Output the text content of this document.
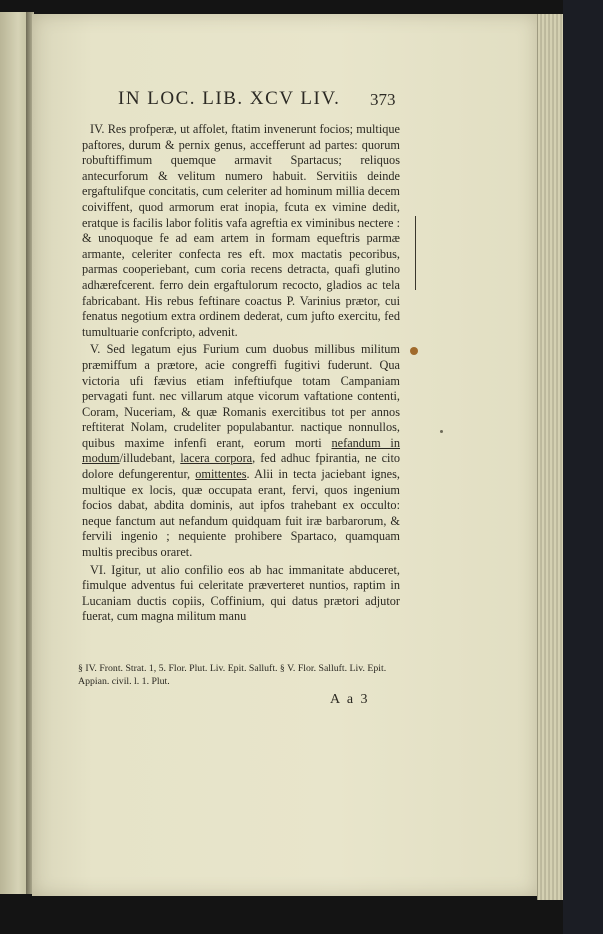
IN LOC. LIB. XCV LIV.	373

IV. Res profperæ, ut affolet, ftatim invenerunt focios; multique paftores, durum & pernix genus, accefferunt ad partes: quorum robuftiffimum quemque armavit Spartacus; reliquos antecurforum & velitum numero habuit. Servitiis deinde ergaftulifque concitatis, cum celeriter ad hominum millia decem coiviffent, quod armorum erat inopia, fcuta ex vimine dedit, eratque is facilis labor folitis vafa agreftia ex viminibus nectere : & unoquoque fe ad eam artem in formam equeftris parmæ armante, celeriter confecta res eft. mox mactatis pecoribus, parmas cooperiebant, cum coria recens detracta, quafi glutino adhærefcerent. ferro dein ergaftulorum recocto, gladios ac tela fabricabant. His rebus feftinare coactus P. Varinius prætor, cui fenatus negotium extra ordinem dederat, cum jufto exercitu, fed tumultuarie confcripto, advenit.

V. Sed legatum ejus Furium cum duobus millibus militum præmiffum a prætore, acie congreffi fugitivi fuderunt. Qua victoria ufi fævius etiam infeftiufque totam Campaniam pervagati funt. nec villarum atque vicorum vaftatione contenti, Coram, Nuceriam, & quæ Romanis exercitibus tot per annos reftiterat Nolam, crudeliter populabantur. nactique nonnullos, quibus maxime infenfi erant, eorum morti nefandum in modum/illudebant, lacera corpora, fed adhuc fpirantia, ne cito dolore defungerentur, omittentes. Alii in tecta jaciebant ignes, multique ex locis, quæ occupata erant, fervi, quos ingenium focios dabat, abdita dominis, aut ipfos trahebant ex occulto: neque fanctum aut nefandum quidquam fuit iræ barbarorum, & fervili ingenio ; nequiente prohibere Spartaco, quamquam multis precibus oraret.

VI. Igitur, ut alio confilio eos ab hac immanitate abduceret, fimulque adventus fui celeritate præverteret nuntios, raptim in Lucaniam ductis copiis, Coffinium, qui datus prætori adjutor fuerat, cum magna militum manu

§ IV. Front. Strat. 1, 5. Flor. Plut. Liv. Epit. Salluft. § V. Flor. Salluft. Liv. Epit. Appian. civil. l. 1. Plut.
A a 3
